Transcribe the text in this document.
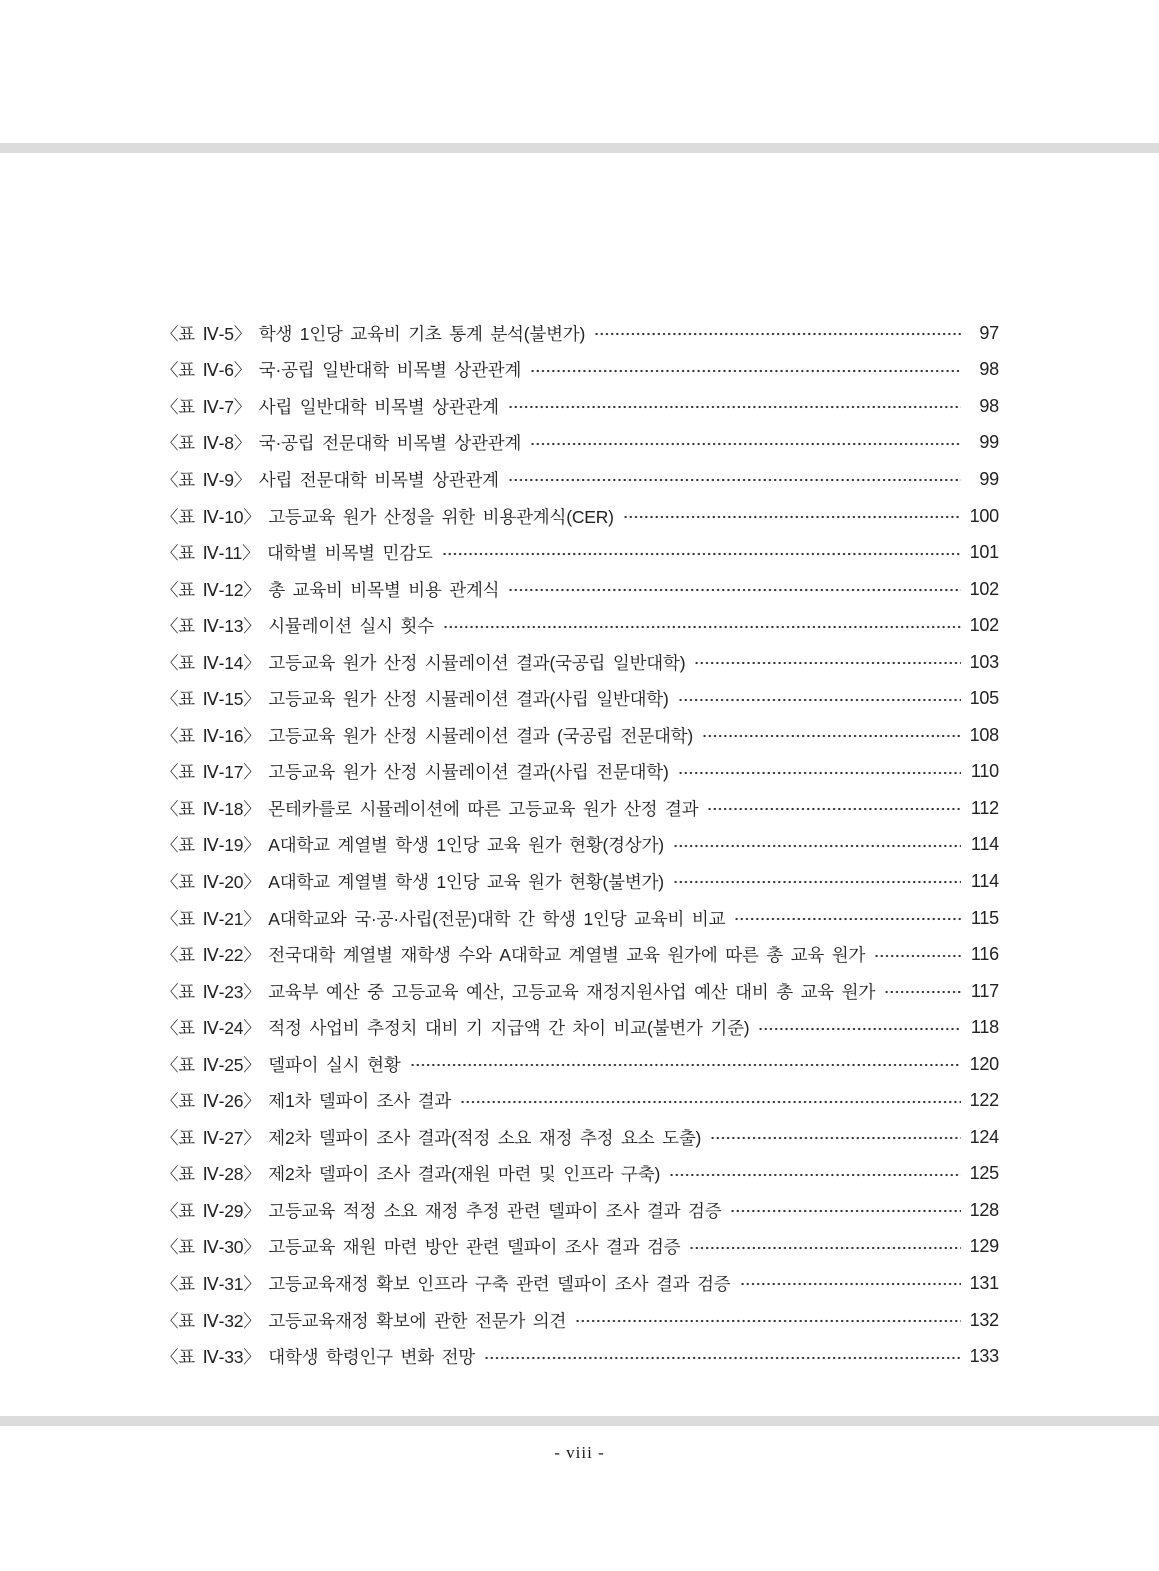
〈표 Ⅳ-5〉 학생 1인당 교육비 기초 통계 분석(불변가)	97
〈표 Ⅳ-6〉 국·공립 일반대학 비목별 상관관계	98
〈표 Ⅳ-7〉 사립 일반대학 비목별 상관관계	98
〈표 Ⅳ-8〉 국·공립 전문대학 비목별 상관관계	99
〈표 Ⅳ-9〉 사립 전문대학 비목별 상관관계	99
〈표 Ⅳ-10〉 고등교육 원가 산정을 위한 비용관계식(CER)	100
〈표 Ⅳ-11〉 대학별 비목별 민감도	101
〈표 Ⅳ-12〉 총 교육비 비목별 비용 관계식	102
〈표 Ⅳ-13〉 시뮬레이션 실시 횟수	102
〈표 Ⅳ-14〉 고등교육 원가 산정 시뮬레이션 결과(국공립 일반대학)	103
〈표 Ⅳ-15〉 고등교육 원가 산정 시뮬레이션 결과(사립 일반대학)	105
〈표 Ⅳ-16〉 고등교육 원가 산정 시뮬레이션 결과 (국공립 전문대학)	108
〈표 Ⅳ-17〉 고등교육 원가 산정 시뮬레이션 결과(사립 전문대학)	110
〈표 Ⅳ-18〉 몬테카를로 시뮬레이션에 따른 고등교육 원가 산정 결과	112
〈표 Ⅳ-19〉 A대학교 계열별 학생 1인당 교육 원가 현황(경상가)	114
〈표 Ⅳ-20〉 A대학교 계열별 학생 1인당 교육 원가 현황(불변가)	114
〈표 Ⅳ-21〉 A대학교와 국·공·사립(전문)대학 간 학생 1인당 교육비 비교	115
〈표 Ⅳ-22〉 전국대학 계열별 재학생 수와 A대학교 계열별 교육 원가에 따른 총 교육 원가	116
〈표 Ⅳ-23〉 교육부 예산 중 고등교육 예산, 고등교육 재정지원사업 예산 대비 총 교육 원가	117
〈표 Ⅳ-24〉 적정 사업비 추정치 대비 기 지급액 간 차이 비교(불변가 기준)	118
〈표 Ⅳ-25〉 델파이 실시 현황	120
〈표 Ⅳ-26〉 제1차 델파이 조사 결과	122
〈표 Ⅳ-27〉 제2차 델파이 조사 결과(적정 소요 재정 추정 요소 도출)	124
〈표 Ⅳ-28〉 제2차 델파이 조사 결과(재원 마련 및 인프라 구축)	125
〈표 Ⅳ-29〉 고등교육 적정 소요 재정 추정 관련 델파이 조사 결과 검증	128
〈표 Ⅳ-30〉 고등교육 재원 마련 방안 관련 델파이 조사 결과 검증	129
〈표 Ⅳ-31〉 고등교육재정 확보 인프라 구축 관련 델파이 조사 결과 검증	131
〈표 Ⅳ-32〉 고등교육재정 확보에 관한 전문가 의견	132
〈표 Ⅳ-33〉 대학생 학령인구 변화 전망	133
- viii -
